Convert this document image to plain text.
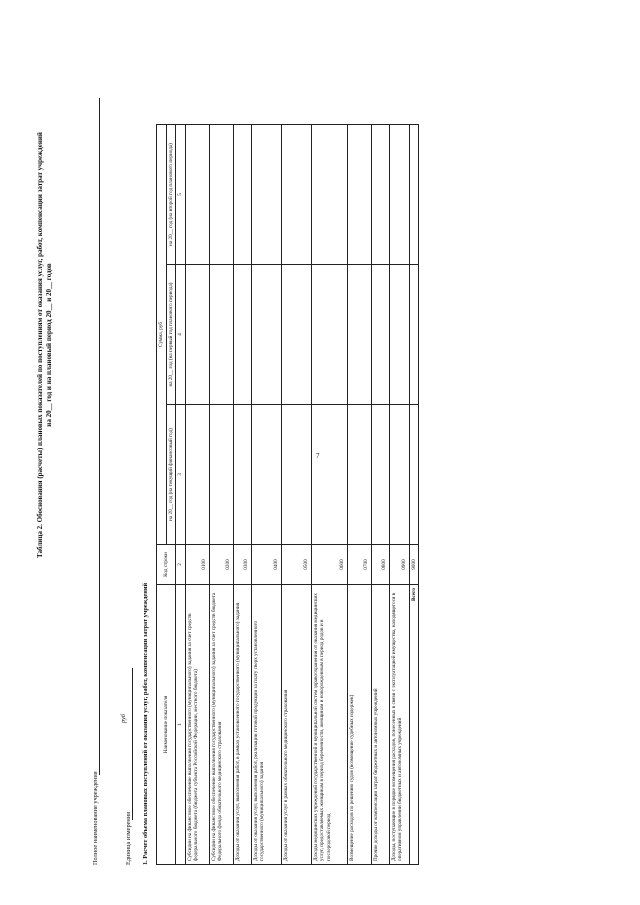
7
Таблица 2. Обоснования (расчеты) плановых показателей по поступлениям от оказания услуг, работ, компенсации затрат учреждений на 20__ год и на плановый период 20__ и 20__ годов
Полное наименование учреждения	Единица измерения
руб 1. Расчет объема плановых поступлений от оказания услуг, работ, компенсации затрат учреждений	Наименование показателя	Код строки	Сумма, руб		
		на 20__ год (на текущий финансовый год)	на 20__ год (на первый год планового периода)	на 20__ год (на второй год планового периода)
1	2	3	4	5
Субсидии на финансовое обеспечение выполнения государственного (муниципального) задания за счет средств федерального бюджета (бюджета субъекта Российской Федерации, местного бюджета)	0100			
Субсидии на финансовое обеспечение выполнения государственного (муниципального) задания за счет средств бюджета Федерального фонда обязательного медицинского страхования	0200			
Доходы от оказания услуг, выполнения работ, в рамках установленного государственного (муниципального) задания	0300			
Доходы от оказания услуг, выполнения работ, реализации готовой продукции за плату сверх установленного государственного (муниципального) задания	0400			
Доходы от оказания услуг в рамках обязательного медицинского страхования	0500			
Доходы медицинских учреждений государственной и муниципальной систем здравоохранения от оказания медицинских услуг, предоставляемых женщинам в период беременности, женщинам и новорожденным в период родов и в послеродовой период	0600			
Возмещение расходов по решению судов (возмещение судебных издержек)	0700			
Прочие доходы от компенсации затрат бюджетных и автономных учреждений	0800			
Доходы, поступающие в порядке возмещения расходов, понесенных в связи с эксплуатацией имущества, находящегося в оперативном управлении бюджетных и автономных учреждений	0900			
Всего	9000			
